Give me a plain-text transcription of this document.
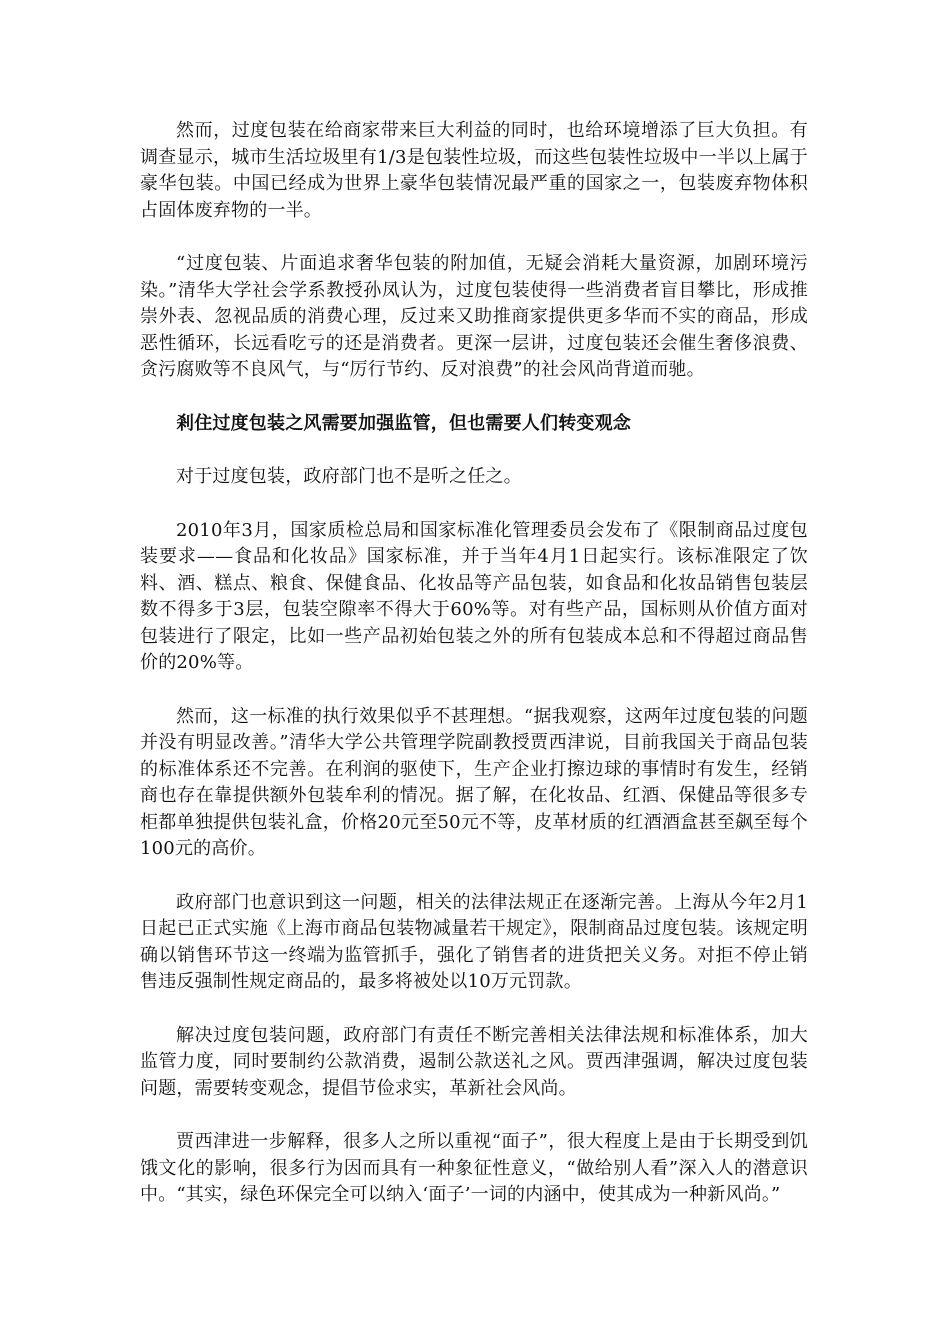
然而，过度包装在给商家带来巨大利益的同时，也给环境增添了巨大负担。有调查显示，城市生活垃圾里有1/3是包装性垃圾，而这些包装性垃圾中一半以上属于豪华包装。中国已经成为世界上豪华包装情况最严重的国家之一，包装废弃物体积占固体废弃物的一半。

“过度包装、片面追求奢华包装的附加值，无疑会消耗大量资源，加剧环境污染。”清华大学社会学系教授孙凤认为，过度包装使得一些消费者盲目攀比，形成推崇外表、忽视品质的消费心理，反过来又助推商家提供更多华而不实的商品，形成恶性循环，长远看吃亏的还是消费者。更深一层讲，过度包装还会催生奢侈浪费、贪污腐败等不良风气，与“厉行节约、反对浪费”的社会风尚背道而驰。

剎住过度包装之风需要加强监管，但也需要人们转变观念

对于过度包装，政府部门也不是听之任之。

2010年3月，国家质检总局和国家标准化管理委员会发布了《限制商品过度包装要求——食品和化妆品》国家标准，并于当年4月1日起实行。该标准限定了饮料、酒、糕点、粮食、保健食品、化妆品等产品包装，如食品和化妆品销售包装层数不得多于3层，包装空隙率不得大于60%等。对有些产品，国标则从价值方面对包装进行了限定，比如一些产品初始包装之外的所有包装成本总和不得超过商品售价的20%等。

然而，这一标准的执行效果似乎不甚理想。“据我观察，这两年过度包装的问题并没有明显改善。”清华大学公共管理学院副教授贾西津说，目前我国关于商品包装的标准体系还不完善。在利润的驱使下，生产企业打擦边球的事情时有发生，经销商也存在靠提供额外包装牟利的情况。据了解，在化妆品、红酒、保健品等很多专柜都单独提供包装礼盒，价格20元至50元不等，皮革材质的红酒酒盒甚至飙至每个100元的高价。

政府部门也意识到这一问题，相关的法律法规正在逐渐完善。上海从今年2月1日起已正式实施《上海市商品包装物减量若干规定》，限制商品过度包装。该规定明确以销售环节这一终端为监管抓手，强化了销售者的进货把关义务。对拒不停止销售违反强制性规定商品的，最多将被处以10万元罚款。

解决过度包装问题，政府部门有责任不断完善相关法律法规和标准体系，加大监管力度，同时要制约公款消费，遏制公款送礼之风。贾西津强调，解决过度包装问题，需要转变观念，提倡节俭求实，革新社会风尚。

贾西津进一步解释，很多人之所以重视“面子”，很大程度上是由于长期受到饥饿文化的影响，很多行为因而具有一种象征性意义，“做给别人看”深入人的潜意识中。“其实，绿色环保完全可以纳入‘面子’一词的内涵中，使其成为一种新风尚。”
